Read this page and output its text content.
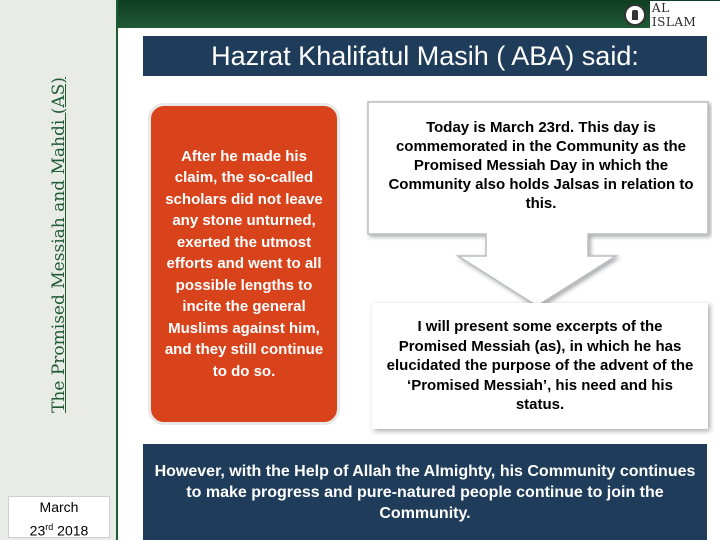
The Promised Messiah and Mahdi (AS)
March
23rd 2018
AL ISLAM
Hazrat Khalifatul Masih ( ABA) said:
After he made his claim, the so-called scholars did not leave any stone unturned, exerted the utmost efforts and went to all possible lengths to incite the general Muslims against him, and they still continue to do so.
Today is March 23rd. This day is commemorated in the Community as the Promised Messiah Day in which the Community also holds Jalsas in relation to this.
I will present some excerpts of the Promised Messiah (as), in which he has elucidated the purpose of the advent of the ‘Promised Messiah’, his need and his status.
However, with the Help of Allah the Almighty, his Community continues to make progress and pure-natured people continue to join the Community.
